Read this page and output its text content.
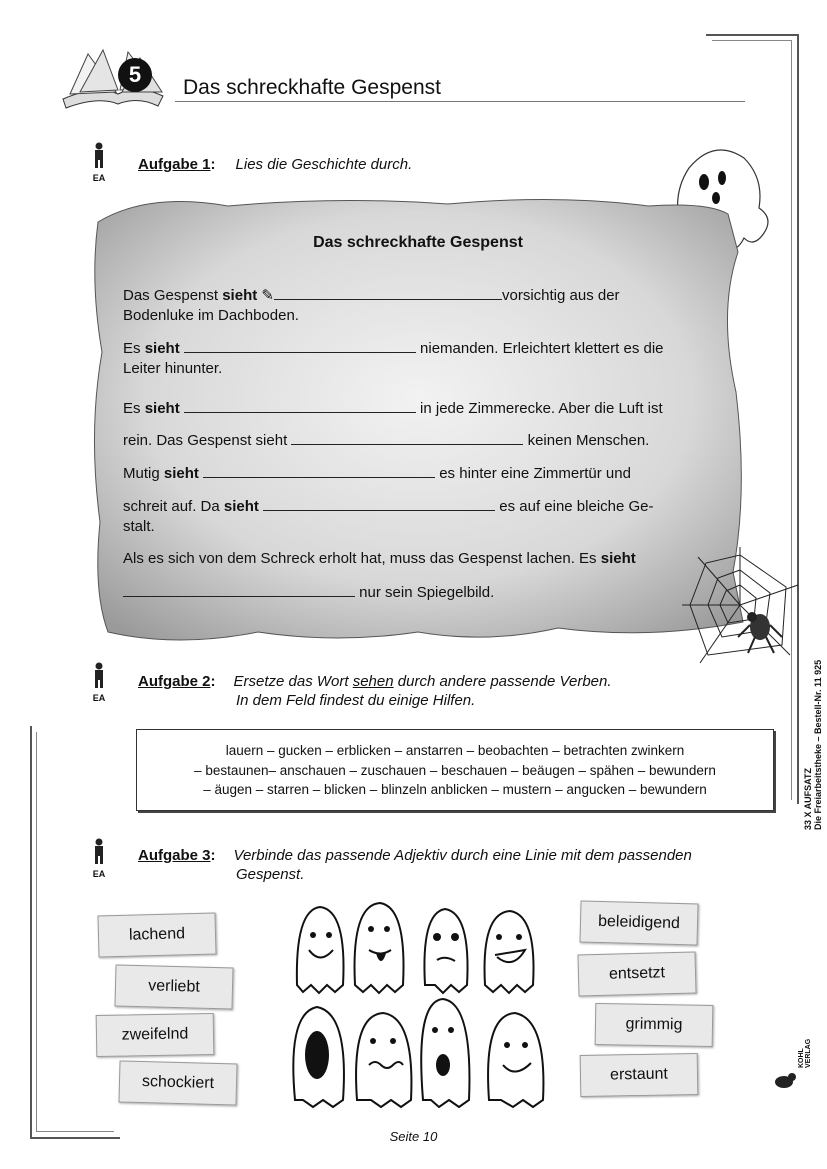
5
Das schreckhafte Gespenst
EA
Aufgabe 1: Lies die Geschichte durch.
Das schreckhafte Gespenst
Das Gespenst sieht ✎	vorsichtig aus der
Bodenluke im Dachboden.
Es sieht	niemanden. Erleichtert klettert es die
Leiter hinunter.
Es sieht	in jede Zimmerecke. Aber die Luft ist
rein. Das Gespenst sieht	keinen Menschen.
Mutig sieht	es hinter eine Zimmertür und
schreit auf. Da sieht	es auf eine bleiche Ge-
stalt.
Als es sich von dem Schreck erholt hat, muss das Gespenst lachen. Es sieht
nur sein Spiegelbild.
EA
Aufgabe 2: Ersetze das Wort sehen durch andere passende Verben.
In dem Feld findest du einige Hilfen.
lauern – gucken – erblicken – anstarren – beobachten – betrachten zwinkern
– bestaunen– anschauen – zuschauen – beschauen – beäugen – spähen – bewundern
– äugen – starren – blicken – blinzeln anblicken – mustern – angucken – bewundern
EA
Aufgabe 3: Verbinde das passende Adjektiv durch eine Linie mit dem passenden
Gespenst.
lachend
verliebt
zweifelnd
schockiert
beleidigend
entsetzt
grimmig
erstaunt
33 X AUFSATZ Die Freiarbeitstheke – Bestell-Nr. 11 925
KOHL VERLAG
Seite 10
